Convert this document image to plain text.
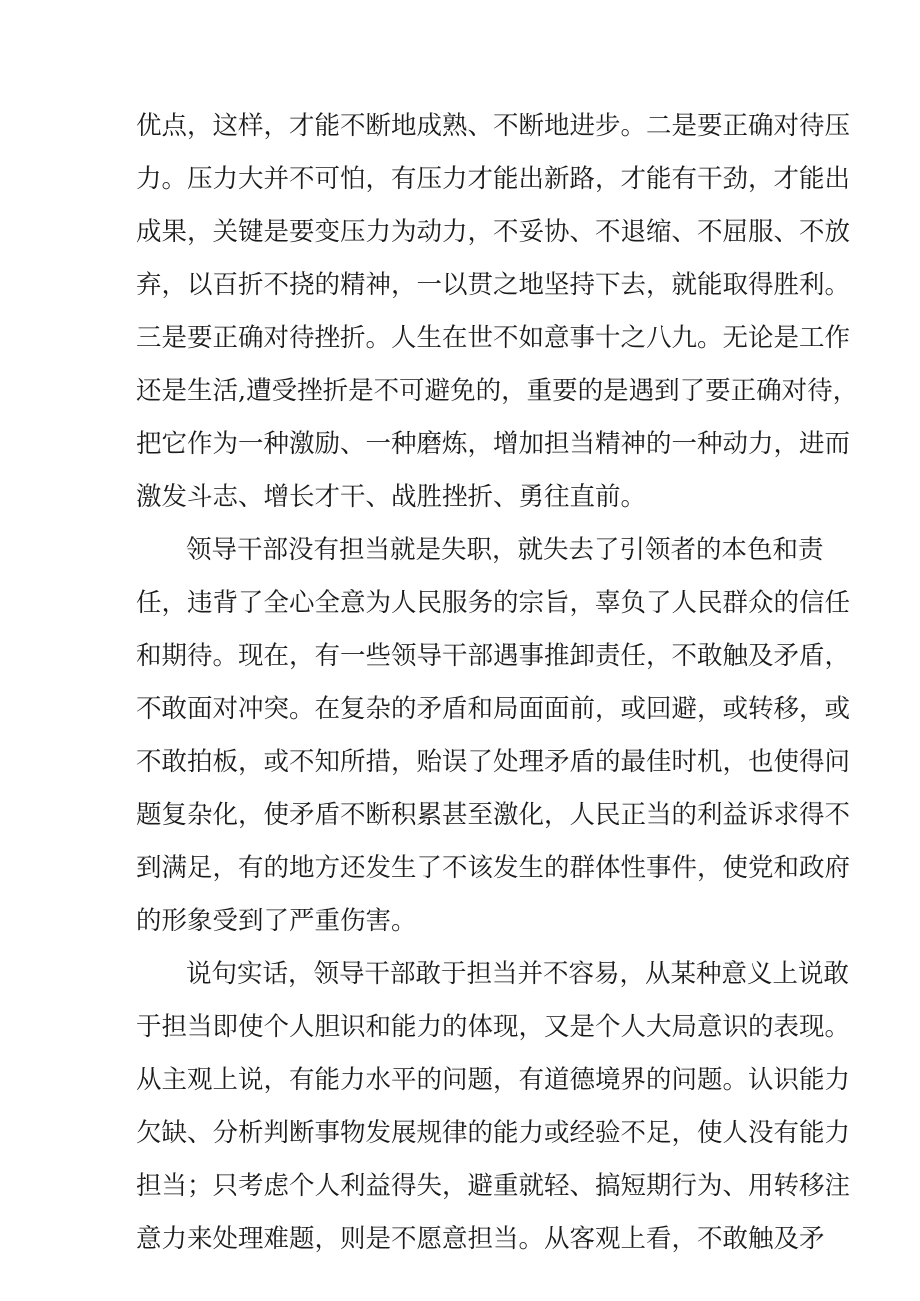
优点，这样，才能不断地成熟、不断地进步。二是要正确对待压
力。压力大并不可怕，有压力才能出新路，才能有干劲，才能出
成果，关键是要变压力为动力，不妥协、不退缩、不屈服、不放
弃，以百折不挠的精神，一以贯之地坚持下去，就能取得胜利。
三是要正确对待挫折。人生在世不如意事十之八九。无论是工作
还是生活,遭受挫折是不可避免的，重要的是遇到了要正确对待，
把它作为一种激励、一种磨炼，增加担当精神的一种动力，进而
激发斗志、增长才干、战胜挫折、勇往直前。
领导干部没有担当就是失职，就失去了引领者的本色和责
任，违背了全心全意为人民服务的宗旨，辜负了人民群众的信任
和期待。现在，有一些领导干部遇事推卸责任，不敢触及矛盾，
不敢面对冲突。在复杂的矛盾和局面面前，或回避，或转移，或
不敢拍板，或不知所措，贻误了处理矛盾的最佳时机，也使得问
题复杂化，使矛盾不断积累甚至激化，人民正当的利益诉求得不
到满足，有的地方还发生了不该发生的群体性事件，使党和政府
的形象受到了严重伤害。
说句实话，领导干部敢于担当并不容易，从某种意义上说敢
于担当即使个人胆识和能力的体现，又是个人大局意识的表现。
从主观上说，有能力水平的问题，有道德境界的问题。认识能力
欠缺、分析判断事物发展规律的能力或经验不足，使人没有能力
担当；只考虑个人利益得失，避重就轻、搞短期行为、用转移注
意力来处理难题，则是不愿意担当。从客观上看，不敢触及矛
